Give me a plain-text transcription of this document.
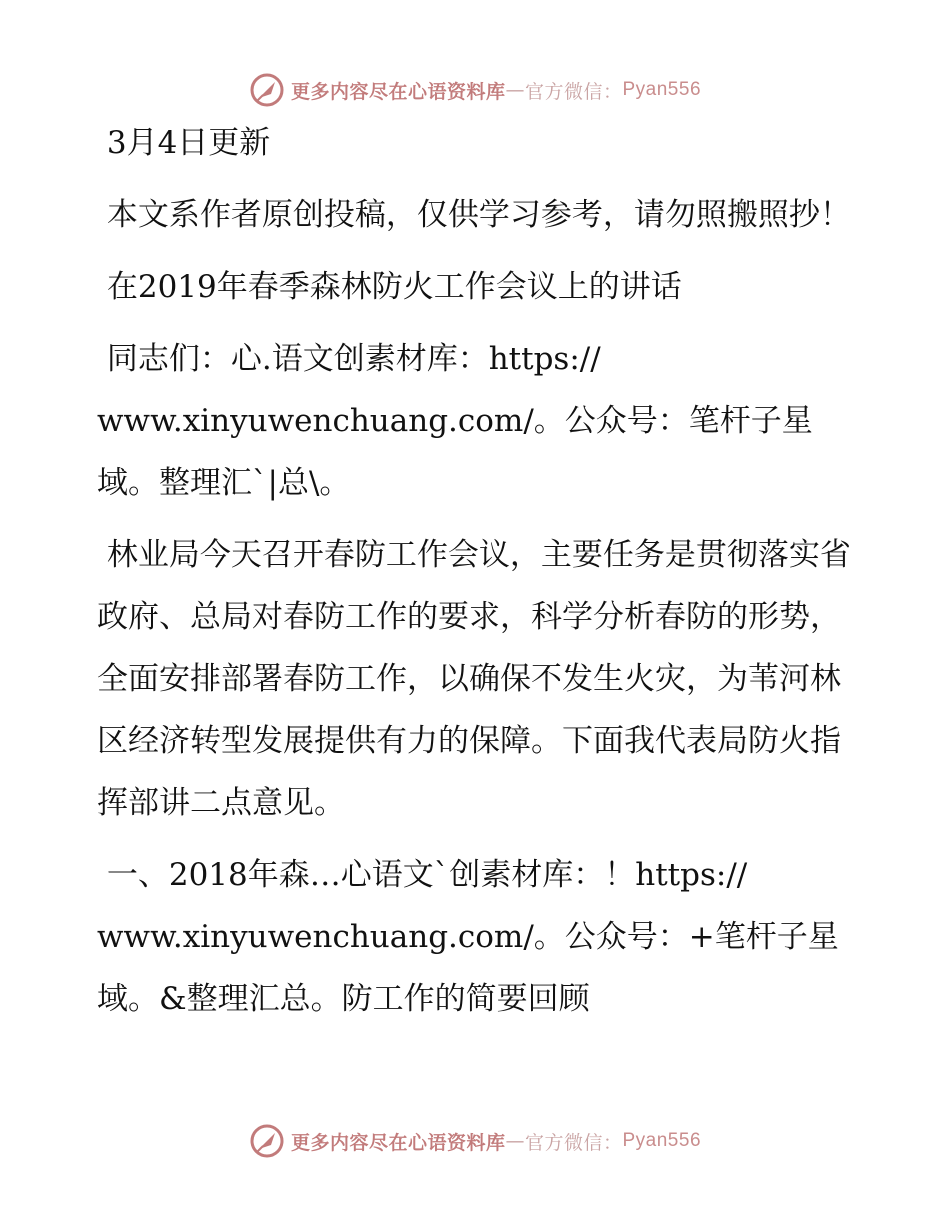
更多内容尽在心语资料库 — 官方微信： Pyan556

3月4日更新

本文系作者原创投稿，仅供学习参考，请勿照搬照抄！

在2019年春季森林防火工作会议上的讲话

同志们：心.语文创素材库：https://
www.xinyuwenchuang.com/。公众号：笔杆子星域。整理汇`|总\。

林业局今天召开春防工作会议，主要任务是贯彻落实省政府、总局对春防工作的要求，科学分析春防的形势，全面安排部署春防工作，以确保不发生火灾，为苇河林区经济转型发展提供有力的保障。下面我代表局防火指挥部讲二点意见。

一、2018年森…心语文`创素材库：！https://
www.xinyuwenchuang.com/。公众号：+笔杆子星域。&整理汇总。防工作的简要回顾

更多内容尽在心语资料库 — 官方微信： Pyan556
